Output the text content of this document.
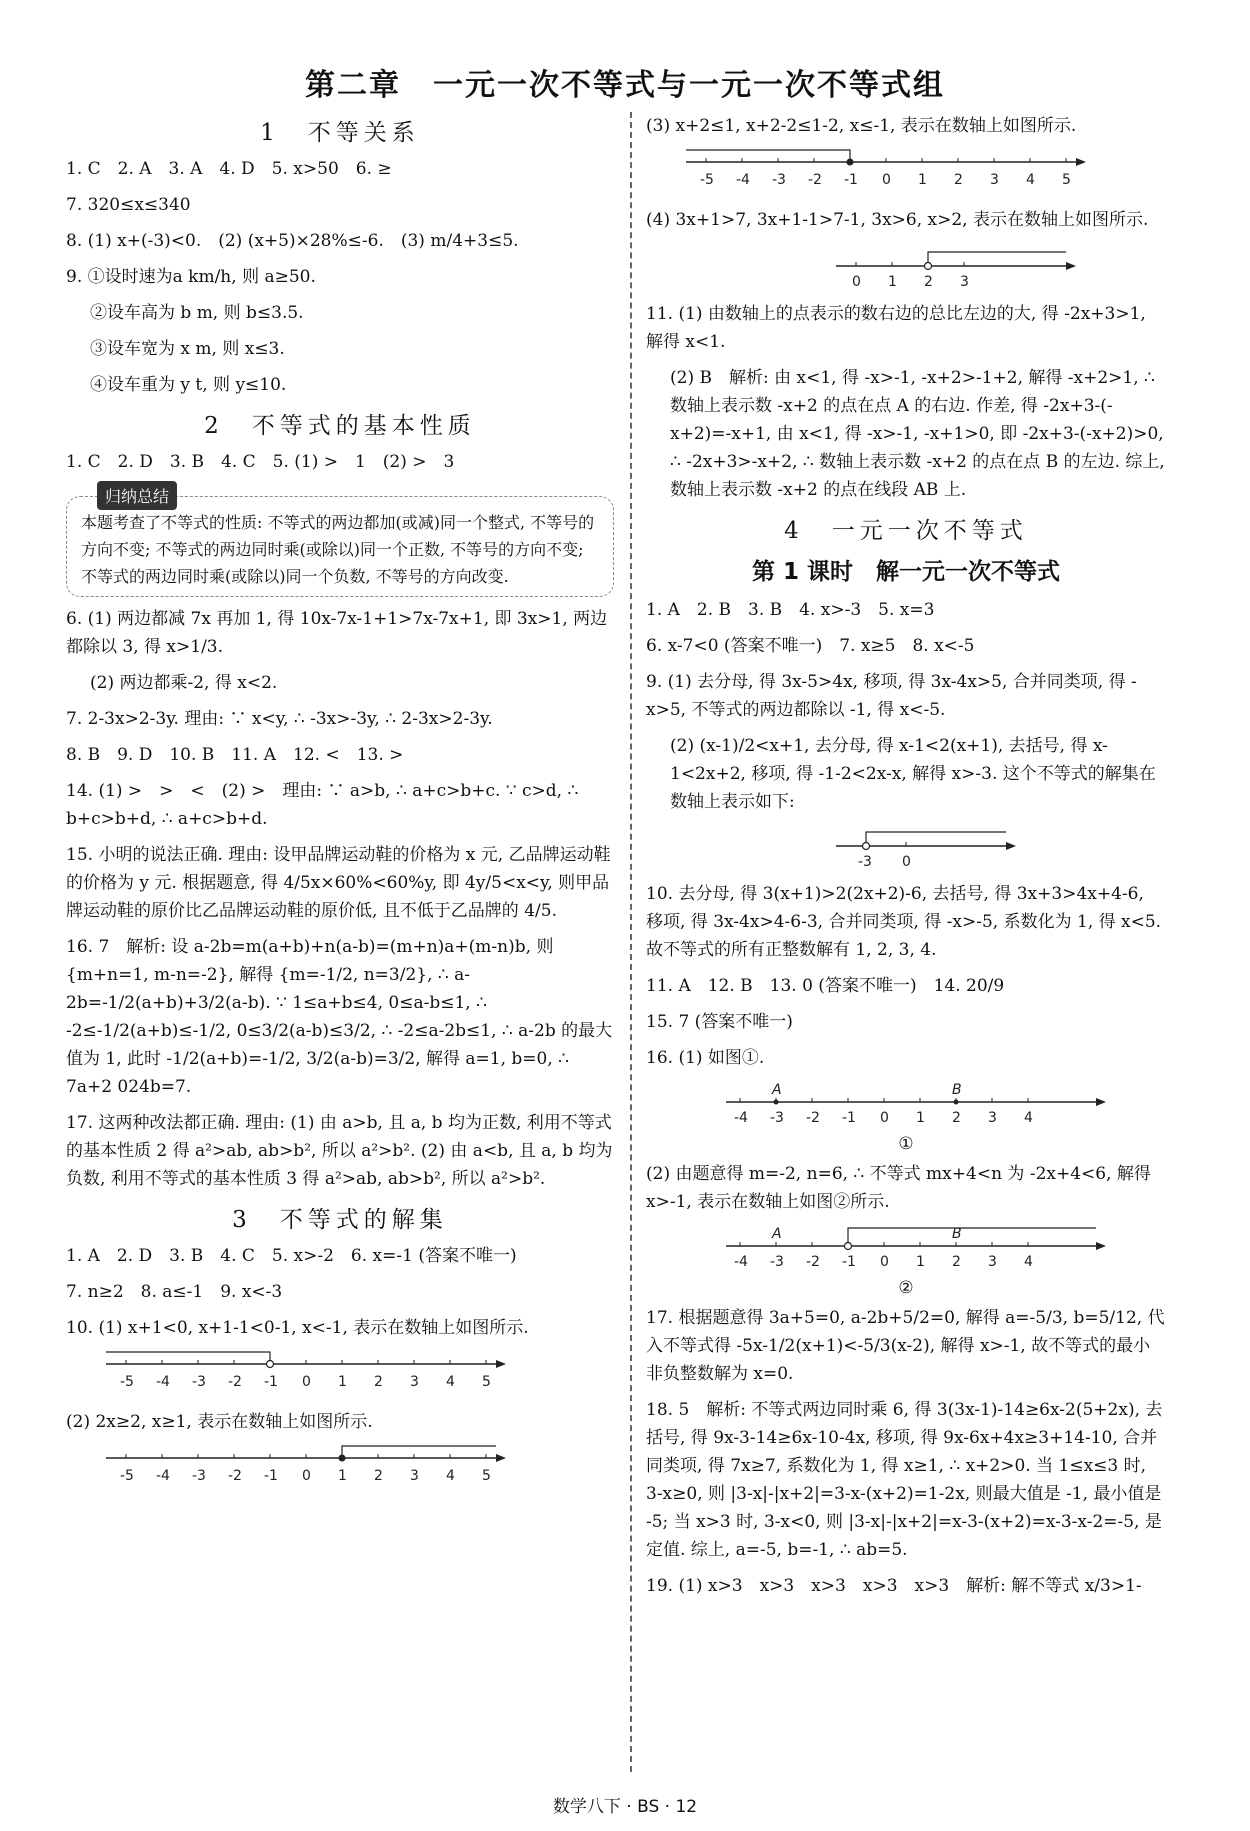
第二章　一元一次不等式与一元一次不等式组
1　不等关系

1. C　2. A　3. A　4. D　5. x>50　6. ≥

7. 320≤x≤340

8. (1) x+(-3)<0.　(2) (x+5)×28%≤-6.　(3) m/4+3≤5.

9. ①设时速为a km/h, 则 a≥50.

②设车高为 b m, 则 b≤3.5.

③设车宽为 x m, 则 x≤3.

④设车重为 y t, 则 y≤10.

2　不等式的基本性质

1. C　2. D　3. B　4. C　5. (1) >　1　(2) >　3

归纳总结

本题考查了不等式的性质: 不等式的两边都加(或减)同一个整式, 不等号的方向不变; 不等式的两边同时乘(或除以)同一个正数, 不等号的方向不变; 不等式的两边同时乘(或除以)同一个负数, 不等号的方向改变.

6. (1) 两边都减 7x 再加 1, 得 10x-7x-1+1>7x-7x+1, 即 3x>1, 两边都除以 3, 得 x>1/3.

(2) 两边都乘-2, 得 x<2.

7. 2-3x>2-3y. 理由: ∵ x<y, ∴ -3x>-3y, ∴ 2-3x>2-3y.

8. B　9. D　10. B　11. A　12. <　13. >

14. (1) >　>　<　(2) >　理由: ∵ a>b, ∴ a+c>b+c. ∵ c>d, ∴ b+c>b+d, ∴ a+c>b+d.

15. 小明的说法正确. 理由: 设甲品牌运动鞋的价格为 x 元, 乙品牌运动鞋的价格为 y 元. 根据题意, 得 4/5x×60%<60%y, 即 4y/5<x<y, 则甲品牌运动鞋的原价比乙品牌运动鞋的原价低, 且不低于乙品牌的 4/5.

16. 7　解析: 设 a-2b=m(a+b)+n(a-b)=(m+n)a+(m-n)b, 则 {m+n=1, m-n=-2}, 解得 {m=-1/2, n=3/2}, ∴ a-2b=-1/2(a+b)+3/2(a-b). ∵ 1≤a+b≤4, 0≤a-b≤1, ∴ -2≤-1/2(a+b)≤-1/2, 0≤3/2(a-b)≤3/2, ∴ -2≤a-2b≤1, ∴ a-2b 的最大值为 1, 此时 -1/2(a+b)=-1/2, 3/2(a-b)=3/2, 解得 a=1, b=0, ∴ 7a+2 024b=7.

17. 这两种改法都正确. 理由: (1) 由 a>b, 且 a, b 均为正数, 利用不等式的基本性质 2 得 a²>ab, ab>b², 所以 a²>b². (2) 由 a<b, 且 a, b 均为负数, 利用不等式的基本性质 3 得 a²>ab, ab>b², 所以 a²>b².

3　不等式的解集

1. A　2. D　3. B　4. C　5. x>-2　6. x=-1 (答案不唯一)

7. n≥2　8. a≤-1　9. x<-3

10. (1) x+1<0, x+1-1<0-1, x<-1, 表示在数轴上如图所示.

-5 -4 -3 -2 -1 0 1 2 3 4 5

(2) 2x≥2, x≥1, 表示在数轴上如图所示.

-5 -4 -3 -2 -1 0 1 2 3 4 5

(3) x+2≤1, x+2-2≤1-2, x≤-1, 表示在数轴上如图所示.

-5 -4 -3 -2 -1 0 1 2 3 4 5

(4) 3x+1>7, 3x+1-1>7-1, 3x>6, x>2, 表示在数轴上如图所示.

0 1 2 3

11. (1) 由数轴上的点表示的数右边的总比左边的大, 得 -2x+3>1, 解得 x<1.

(2) B　解析: 由 x<1, 得 -x>-1, -x+2>-1+2, 解得 -x+2>1, ∴ 数轴上表示数 -x+2 的点在点 A 的右边. 作差, 得 -2x+3-(-x+2)=-x+1, 由 x<1, 得 -x>-1, -x+1>0, 即 -2x+3-(-x+2)>0, ∴ -2x+3>-x+2, ∴ 数轴上表示数 -x+2 的点在点 B 的左边. 综上, 数轴上表示数 -x+2 的点在线段 AB 上.

4　一元一次不等式
第 1 课时　解一元一次不等式

1. A　2. B　3. B　4. x>-3　5. x=3

6. x-7<0 (答案不唯一)　7. x≥5　8. x<-5

9. (1) 去分母, 得 3x-5>4x, 移项, 得 3x-4x>5, 合并同类项, 得 -x>5, 不等式的两边都除以 -1, 得 x<-5.

(2) (x-1)/2<x+1, 去分母, 得 x-1<2(x+1), 去括号, 得 x-1<2x+2, 移项, 得 -1-2<2x-x, 解得 x>-3. 这个不等式的解集在数轴上表示如下:

-3 0

10. 去分母, 得 3(x+1)>2(2x+2)-6, 去括号, 得 3x+3>4x+4-6, 移项, 得 3x-4x>4-6-3, 合并同类项, 得 -x>-5, 系数化为 1, 得 x<5. 故不等式的所有正整数解有 1, 2, 3, 4.

11. A　12. B　13. 0 (答案不唯一)　14. 20/9

15. 7 (答案不唯一)

16. (1) 如图①.

A	B
-4 -3 -2 -1 0 1 2 3 4
①

(2) 由题意得 m=-2, n=6, ∴ 不等式 mx+4<n 为 -2x+4<6, 解得 x>-1, 表示在数轴上如图②所示.

A	B
-4 -3 -2 -1 0 1 2 3 4
②

17. 根据题意得 3a+5=0, a-2b+5/2=0, 解得 a=-5/3, b=5/12, 代入不等式得 -5x-1/2(x+1)<-5/3(x-2), 解得 x>-1, 故不等式的最小非负整数解为 x=0.

18. 5　解析: 不等式两边同时乘 6, 得 3(3x-1)-14≥6x-2(5+2x), 去括号, 得 9x-3-14≥6x-10-4x, 移项, 得 9x-6x+4x≥3+14-10, 合并同类项, 得 7x≥7, 系数化为 1, 得 x≥1, ∴ x+2>0. 当 1≤x≤3 时, 3-x≥0, 则 |3-x|-|x+2|=3-x-(x+2)=1-2x, 则最大值是 -1, 最小值是 -5; 当 x>3 时, 3-x<0, 则 |3-x|-|x+2|=x-3-(x+2)=x-3-x-2=-5, 是定值. 综上, a=-5, b=-1, ∴ ab=5.

19. (1) x>3　x>3　x>3　x>3　x>3　解析: 解不等式 x/3>1-

数学八下 · BS · 12
